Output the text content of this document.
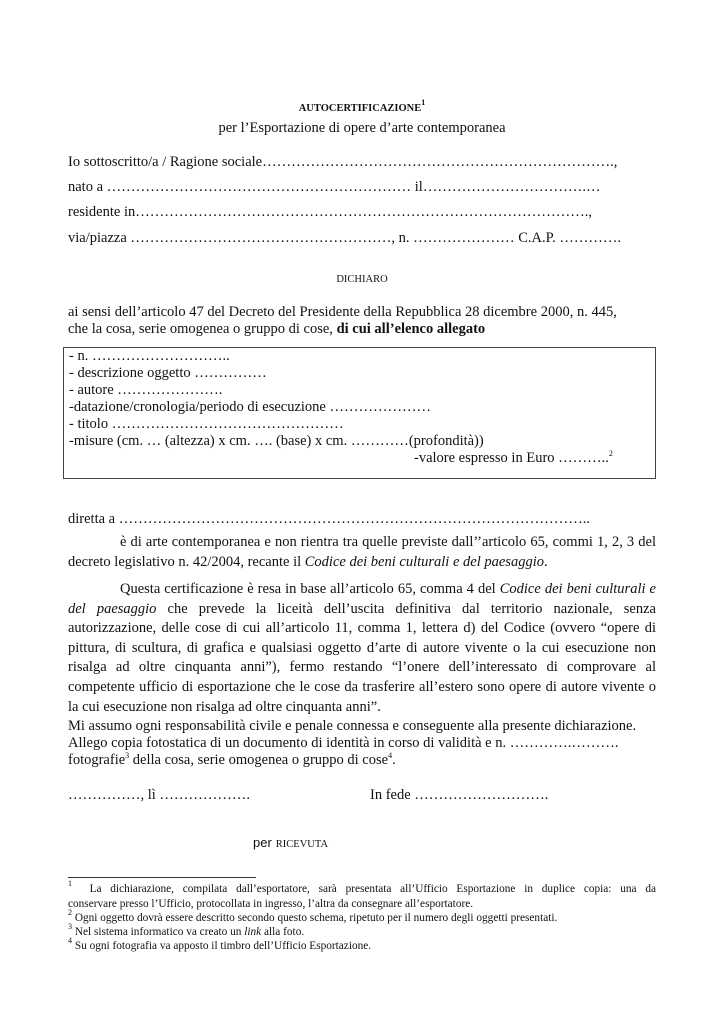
AUTOCERTIFICAZIONE$^1$
per l’Esportazione di opere d’arte contemporanea
Io sottoscritto/a / Ragione sociale……………………………………………………………….,
nato a ……………………………………………………… il…………………………….…
residente in………………………………………………………………………………….,
via/piazza ………………………………………………, n. ………………… C.A.P. ………….
DICHIARO
ai sensi dell’articolo 47 del Decreto del Presidente della Repubblica 28 dicembre 2000, n. 445,
che la cosa, serie omogenea o gruppo di cose, di cui all’elenco allegato
- n. ………………………..
- descrizione oggetto ……………
- autore ………………….
-datazione/cronologia/periodo di esecuzione …………………
- titolo …………………………………………
-misure (cm. … (altezza) x cm. …. (base) x cm. …………(profondità))
-valore espresso in Euro ………..$^2$
diretta a ……………………………………………………………………………………..
è di arte contemporanea e non rientra tra quelle previste dall’’articolo 65, commi 1, 2, 3 del
decreto legislativo n. 42/2004, recante il Codice dei beni culturali e del paesaggio.
Questa certificazione è resa in base all’articolo 65, comma 4 del Codice dei beni culturali e
del paesaggio che prevede la liceità dell’uscita definitiva dal territorio nazionale, senza
autorizzazione, delle cose di cui all’articolo 11, comma 1, lettera d) del Codice (ovvero “opere di
pittura, di scultura, di grafica e qualsiasi oggetto d’arte di autore vivente o la cui esecuzione non
risalga ad oltre cinquanta anni”), fermo restando “l’onere dell’interessato di comprovare al
competente ufficio di esportazione che le cose da trasferire all’estero sono opere di autore vivente o
la cui esecuzione non risalga ad oltre cinquanta anni”.
Mi assumo ogni responsabilità civile e penale connessa e conseguente alla presente dichiarazione.
Allego copia fotostatica di un documento di identità in corso di validità e n. ………….……….
fotografie$^3$ della cosa, serie omogenea o gruppo di cose$^4$.
……………, lì ……………….	In fede ……………………….
per RICEVUTA
$^1$ La dichiarazione, compilata dall’esportatore, sarà presentata all’Ufficio Esportazione in duplice copia: una da
conservare presso l’Ufficio, protocollata in ingresso, l’altra da consegnare all’esportatore.
$^2$ Ogni oggetto dovrà essere descritto secondo questo schema, ripetuto per il numero degli oggetti presentati.
$^3$ Nel sistema informatico va creato un link alla foto.
$^4$ Su ogni fotografia va apposto il timbro dell’Ufficio Esportazione.
